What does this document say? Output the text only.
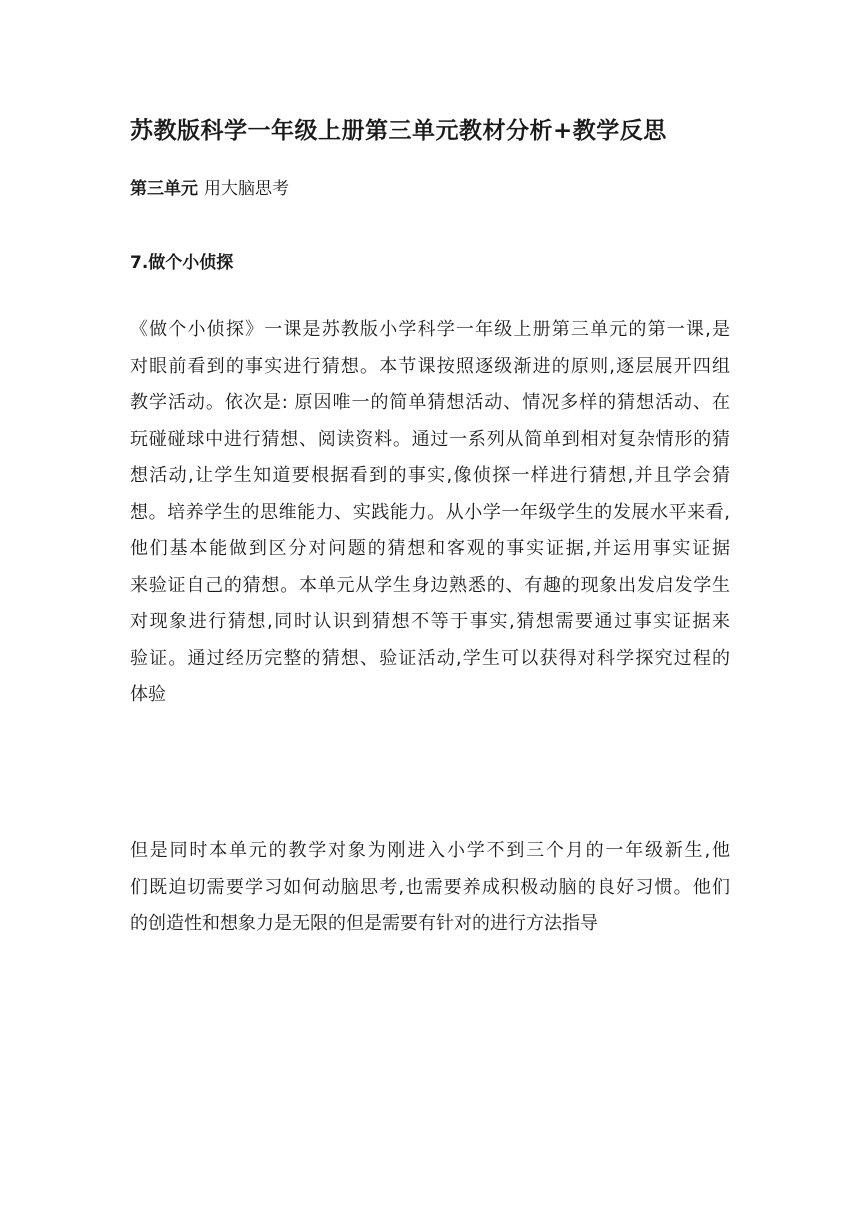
苏教版科学一年级上册第三单元教材分析+教学反思
第三单元 用大脑思考
7.做个小侦探
《做个小侦探》一课是苏教版小学科学一年级上册第三单元的第一课,是
对眼前看到的事实进行猜想。本节课按照逐级渐进的原则,逐层展开四组
教学活动。依次是: 原因唯一的简单猜想活动、情况多样的猜想活动、在
玩碰碰球中进行猜想、阅读资料。通过一系列从简单到相对复杂情形的猜
想活动,让学生知道要根据看到的事实,像侦探一样进行猜想,并且学会猜
想。培养学生的思维能力、实践能力。从小学一年级学生的发展水平来看,
他们基本能做到区分对问题的猜想和客观的事实证据,并运用事实证据
来验证自己的猜想。本单元从学生身边熟悉的、有趣的现象出发启发学生
对现象进行猜想,同时认识到猜想不等于事实,猜想需要通过事实证据来
验证。通过经历完整的猜想、验证活动,学生可以获得对科学探究过程的
体验
但是同时本单元的教学对象为刚进入小学不到三个月的一年级新生,他
们既迫切需要学习如何动脑思考,也需要养成积极动脑的良好习惯。他们
的创造性和想象力是无限的但是需要有针对的进行方法指导
